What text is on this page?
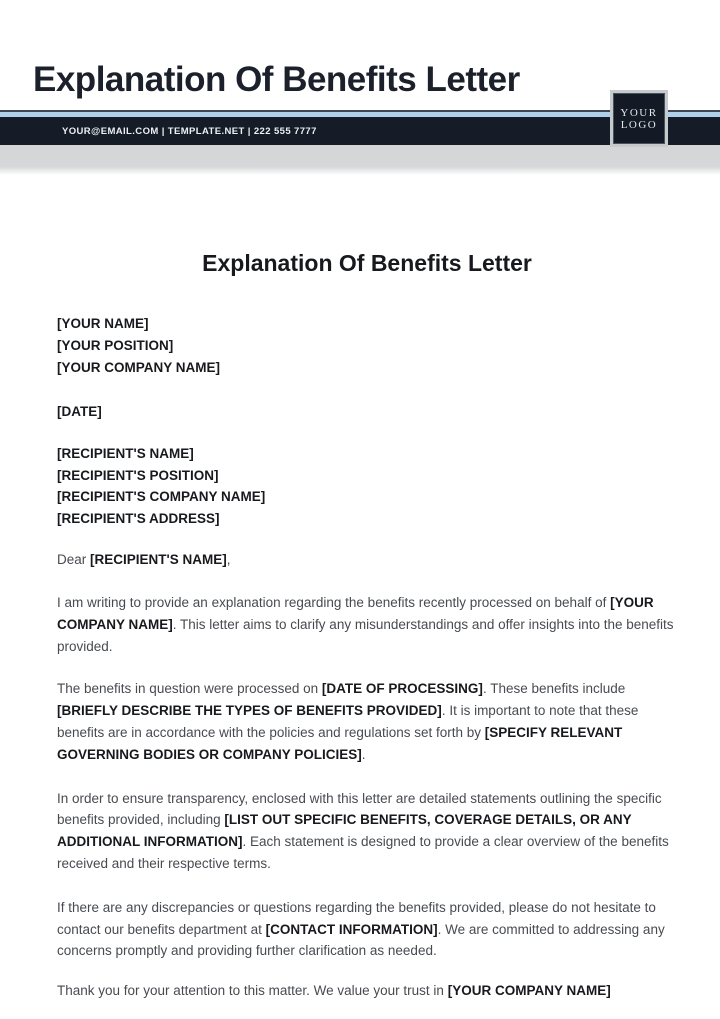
Explanation Of Benefits Letter
YOUR@EMAIL.COM | TEMPLATE.NET | 222 555 7777
YOUR
LOGO
Explanation Of Benefits Letter

[YOUR NAME]
[YOUR POSITION]
[YOUR COMPANY NAME]

[DATE]

[RECIPIENT'S NAME]
[RECIPIENT'S POSITION]
[RECIPIENT'S COMPANY NAME]
[RECIPIENT'S ADDRESS]

Dear [RECIPIENT'S NAME],

I am writing to provide an explanation regarding the benefits recently processed on behalf of [YOUR COMPANY NAME]. This letter aims to clarify any misunderstandings and offer insights into the benefits provided.

The benefits in question were processed on [DATE OF PROCESSING]. These benefits include [BRIEFLY DESCRIBE THE TYPES OF BENEFITS PROVIDED]. It is important to note that these benefits are in accordance with the policies and regulations set forth by [SPECIFY RELEVANT GOVERNING BODIES OR COMPANY POLICIES].

In order to ensure transparency, enclosed with this letter are detailed statements outlining the specific benefits provided, including [LIST OUT SPECIFIC BENEFITS, COVERAGE DETAILS, OR ANY ADDITIONAL INFORMATION]. Each statement is designed to provide a clear overview of the benefits received and their respective terms.

If there are any discrepancies or questions regarding the benefits provided, please do not hesitate to contact our benefits department at [CONTACT INFORMATION]. We are committed to addressing any concerns promptly and providing further clarification as needed.

Thank you for your attention to this matter. We value your trust in [YOUR COMPANY NAME]
